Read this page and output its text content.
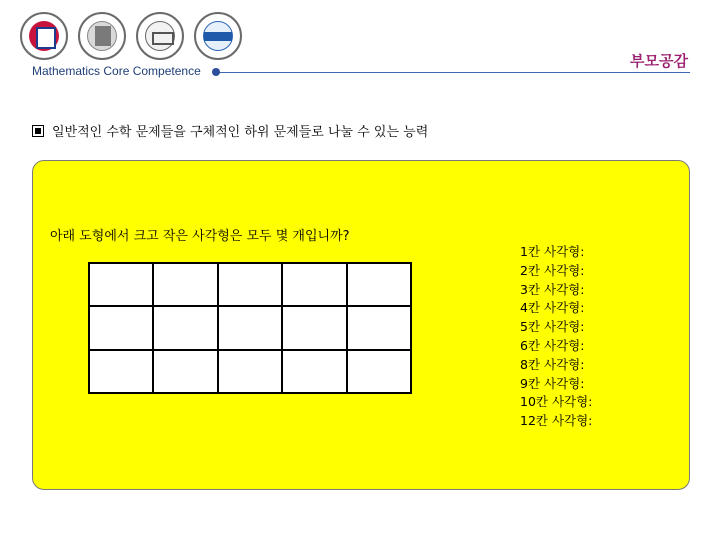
부모공감
Mathematics Core Competence
일반적인 수학 문제들을 구체적인 하위 문제들로 나눌 수 있는 능력
아래 도형에서 크고 작은 사각형은 모두 몇 개입니까?
1칸 사각형:
2칸 사각형:
3칸 사각형:
4칸 사각형:
5칸 사각형:
6칸 사각형:
8칸 사각형:
9칸 사각형:
10칸 사각형:
12칸 사각형:
